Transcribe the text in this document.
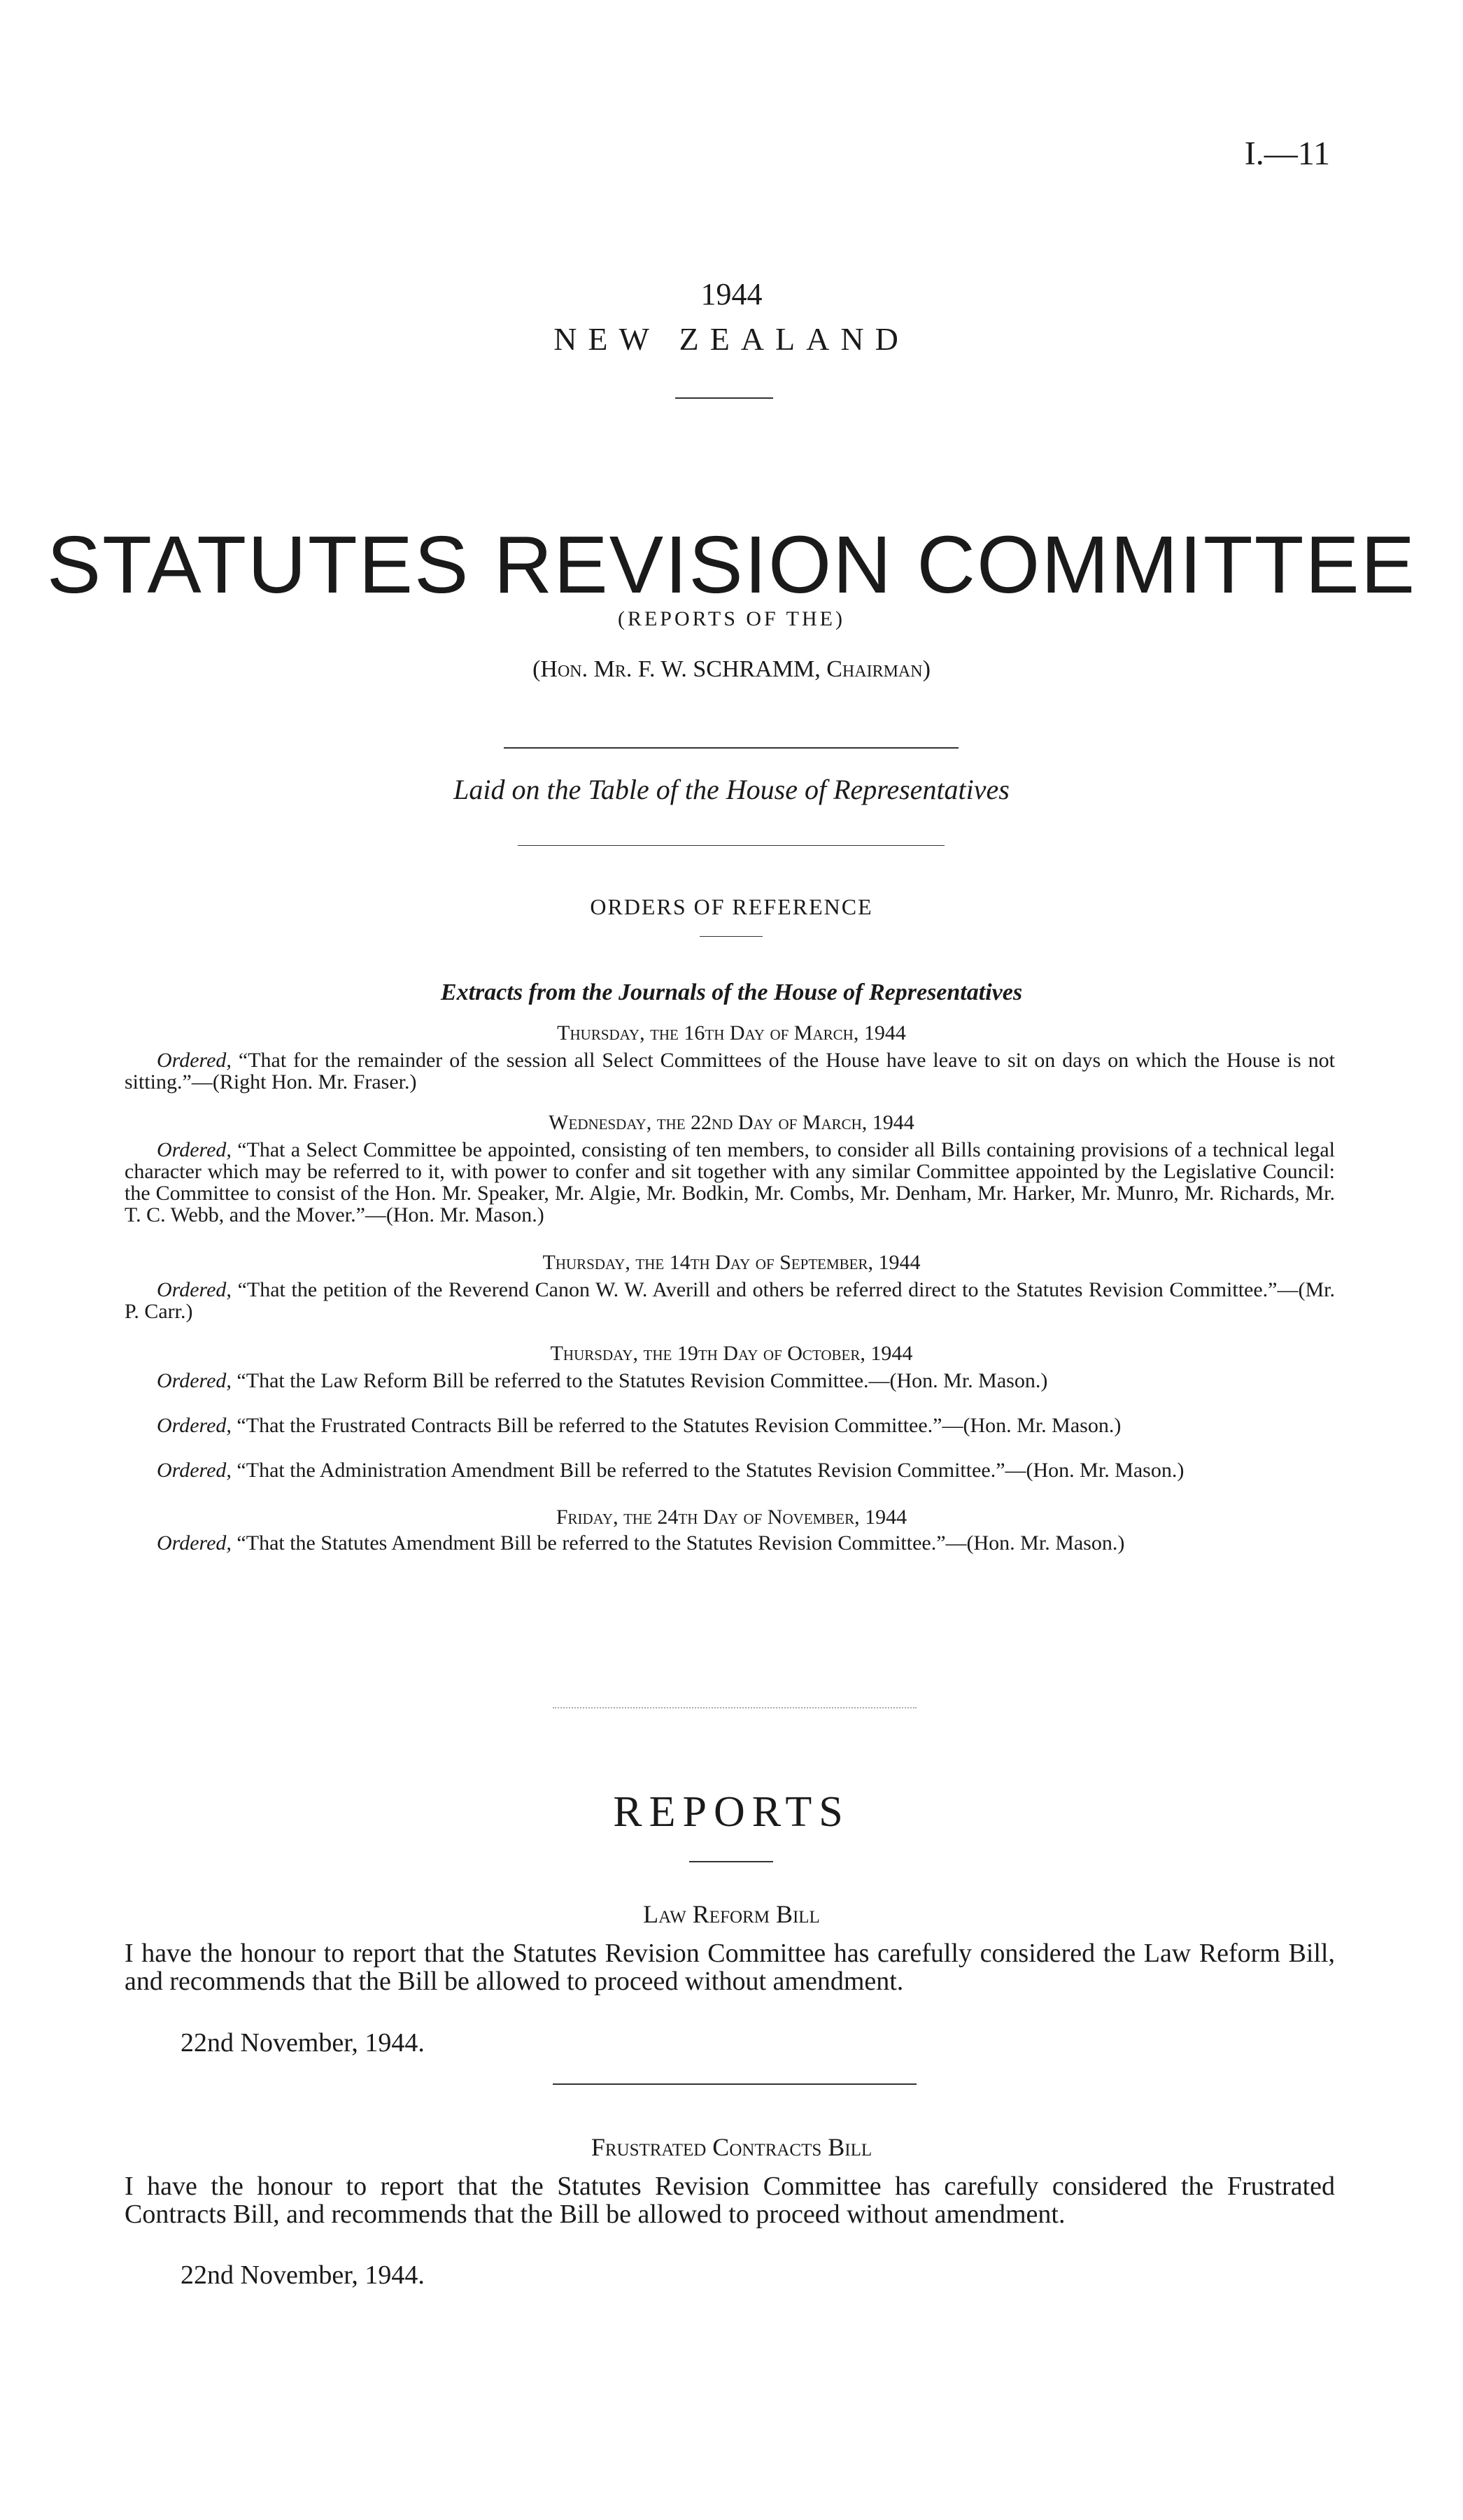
I.—11
1944
NEW ZEALAND
STATUTES REVISION COMMITTEE
(REPORTS OF THE)
(Hon. Mr. F. W. SCHRAMM, Chairman)
Laid on the Table of the House of Representatives
ORDERS OF REFERENCE
Extracts from the Journals of the House of Representatives
Thursday, the 16th Day of March, 1944

Ordered, “That for the remainder of the session all Select Committees of the House have leave to sit on days on which the House is not sitting.”—(Right Hon. Mr. Fraser.)

Wednesday, the 22nd Day of March, 1944

Ordered, “That a Select Committee be appointed, consisting of ten members, to consider all Bills containing provisions of a technical legal character which may be referred to it, with power to confer and sit together with any similar Committee appointed by the Legislative Council: the Committee to consist of the Hon. Mr. Speaker, Mr. Algie, Mr. Bodkin, Mr. Combs, Mr. Denham, Mr. Harker, Mr. Munro, Mr. Richards, Mr. T. C. Webb, and the Mover.”—(Hon. Mr. Mason.)

Thursday, the 14th Day of September, 1944

Ordered, “That the petition of the Reverend Canon W. W. Averill and others be referred direct to the Statutes Revision Committee.”—(Mr. P. Carr.)

Thursday, the 19th Day of October, 1944

Ordered, “That the Law Reform Bill be referred to the Statutes Revision Committee.—(Hon. Mr. Mason.)

Ordered, “That the Frustrated Contracts Bill be referred to the Statutes Revision Committee.”—(Hon. Mr. Mason.)

Ordered, “That the Administration Amendment Bill be referred to the Statutes Revision Committee.”—(Hon. Mr. Mason.)

Friday, the 24th Day of November, 1944

Ordered, “That the Statutes Amendment Bill be referred to the Statutes Revision Committee.”—(Hon. Mr. Mason.)

REPORTS
Law Reform Bill

I have the honour to report that the Statutes Revision Committee has carefully considered the Law Reform Bill, and recommends that the Bill be allowed to proceed without amendment.

22nd November, 1944.
Frustrated Contracts Bill

I have the honour to report that the Statutes Revision Committee has carefully considered the Frustrated Contracts Bill, and recommends that the Bill be allowed to proceed without amendment.

22nd November, 1944.
